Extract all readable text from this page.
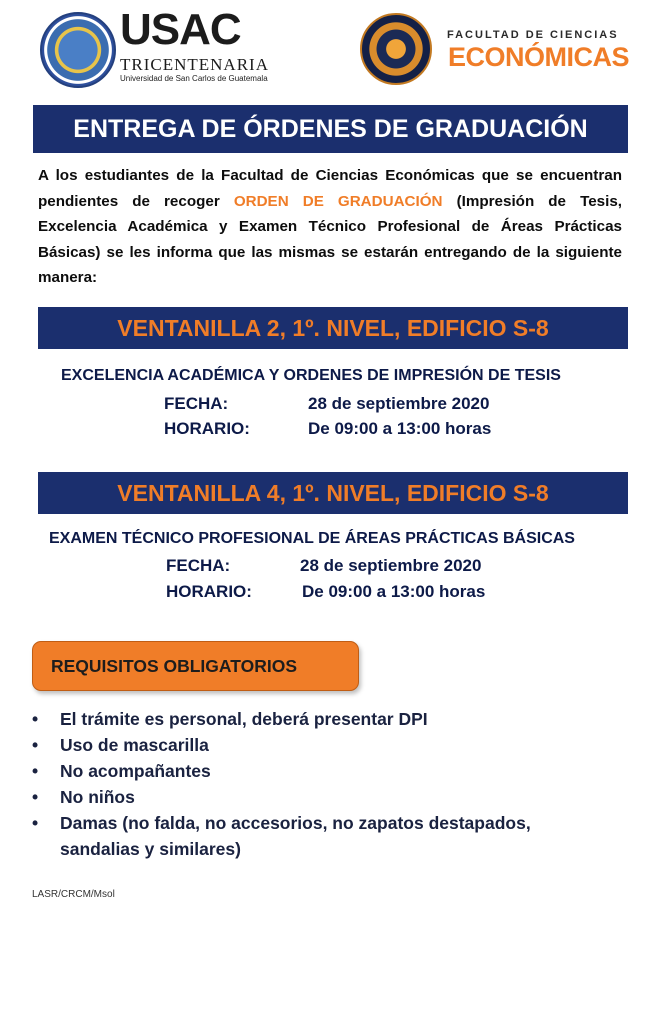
USAC
TRICENTENARIA
Universidad de San Carlos de Guatemala
FACULTAD DE CIENCIAS
ECONÓMICAS
ENTREGA DE ÓRDENES DE GRADUACIÓN

A los estudiantes de la Facultad de Ciencias Económicas que se encuentran pendientes de recoger ORDEN DE GRADUACIÓN (Impresión de Tesis, Excelencia Académica y Examen Técnico Profesional de Áreas Prácticas Básicas) se les informa que las mismas se estarán entregando de la siguiente manera:

VENTANILLA 2, 1º. NIVEL, EDIFICIO S-8
EXCELENCIA ACADÉMICA Y ORDENES DE IMPRESIÓN DE TESIS
FECHA:	28 de septiembre 2020
HORARIO:	De 09:00 a 13:00 horas
VENTANILLA 4, 1º. NIVEL, EDIFICIO S-8
EXAMEN TÉCNICO PROFESIONAL DE ÁREAS PRÁCTICAS BÁSICAS
FECHA:	28 de septiembre 2020
HORARIO:	De 09:00 a 13:00 horas
REQUISITOS OBLIGATORIOS
• El trámite es personal, deberá presentar DPI
• Uso de mascarilla
• No acompañantes
• No niños
• Damas (no falda, no accesorios, no zapatos destapados, sandalias y similares)
LASR/CRCM/Msol
